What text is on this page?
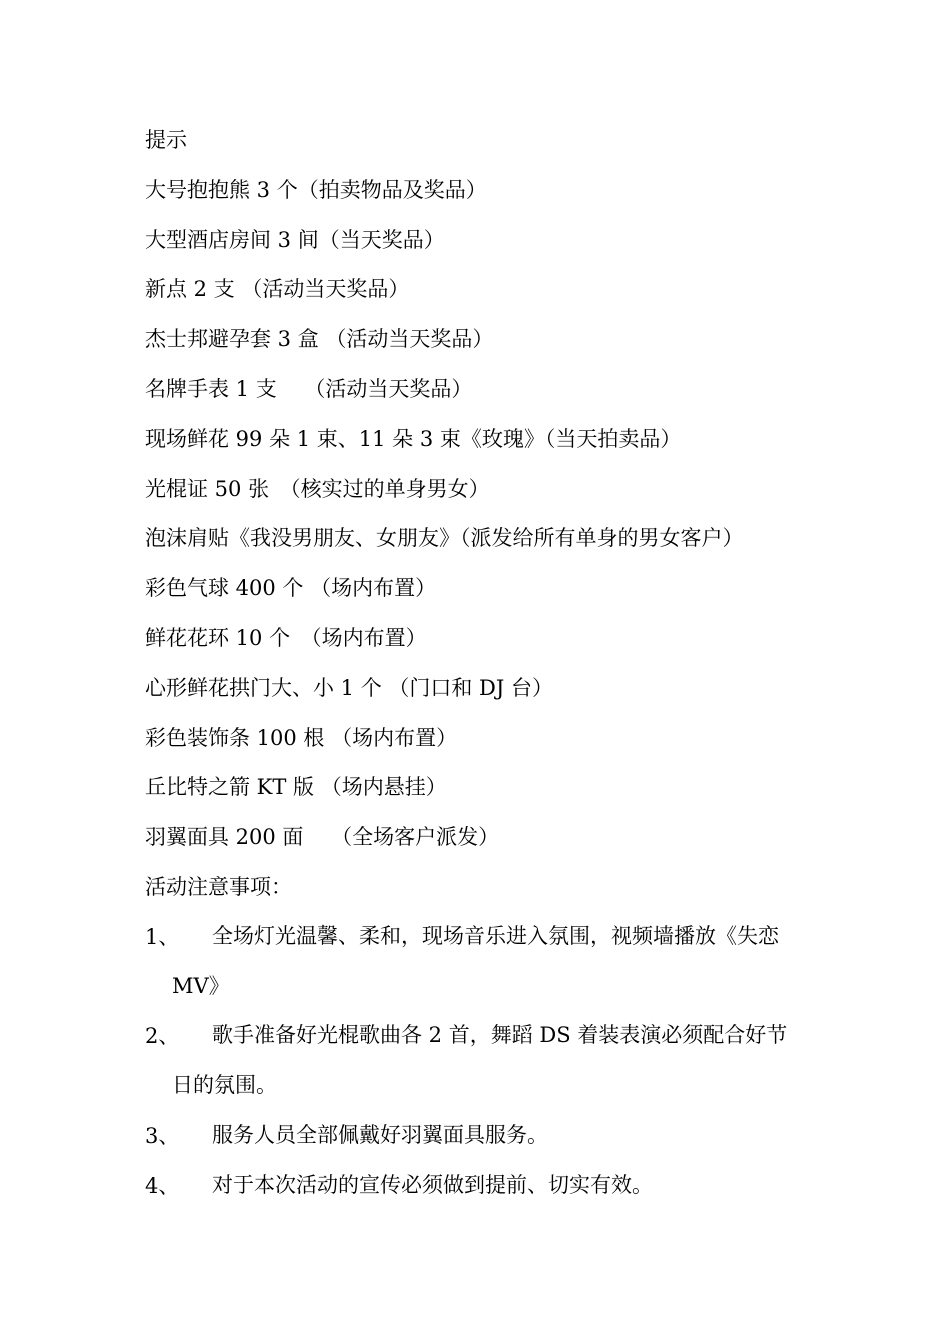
提示
大号抱抱熊 3 个（拍卖物品及奖品）
大型酒店房间 3 间（当天奖品）
新点 2 支 （活动当天奖品）
杰士邦避孕套 3 盒 （活动当天奖品）
名牌手表 1 支　 （活动当天奖品）
现场鲜花 99 朵 1 束、11 朵 3 束《玫瑰》（当天拍卖品）
光棍证 50 张　（核实过的单身男女）
泡沫肩贴《我没男朋友、女朋友》（派发给所有单身的男女客户）
彩色气球 400 个 （场内布置）
鲜花花环 10 个　（场内布置）
心形鲜花拱门大、小 1 个 （门口和 DJ 台）
彩色装饰条 100 根 （场内布置）
丘比特之箭 KT 版 （场内悬挂）
羽翼面具 200 面　 （全场客户派发）
活动注意事项：
1、	全场灯光温馨、柔和，现场音乐进入氛围，视频墙播放《失恋
MV》
2、	歌手准备好光棍歌曲各 2 首，舞蹈 DS 着装表演必须配合好节
日的氛围。
3、	服务人员全部佩戴好羽翼面具服务。
4、	对于本次活动的宣传必须做到提前、切实有效。
